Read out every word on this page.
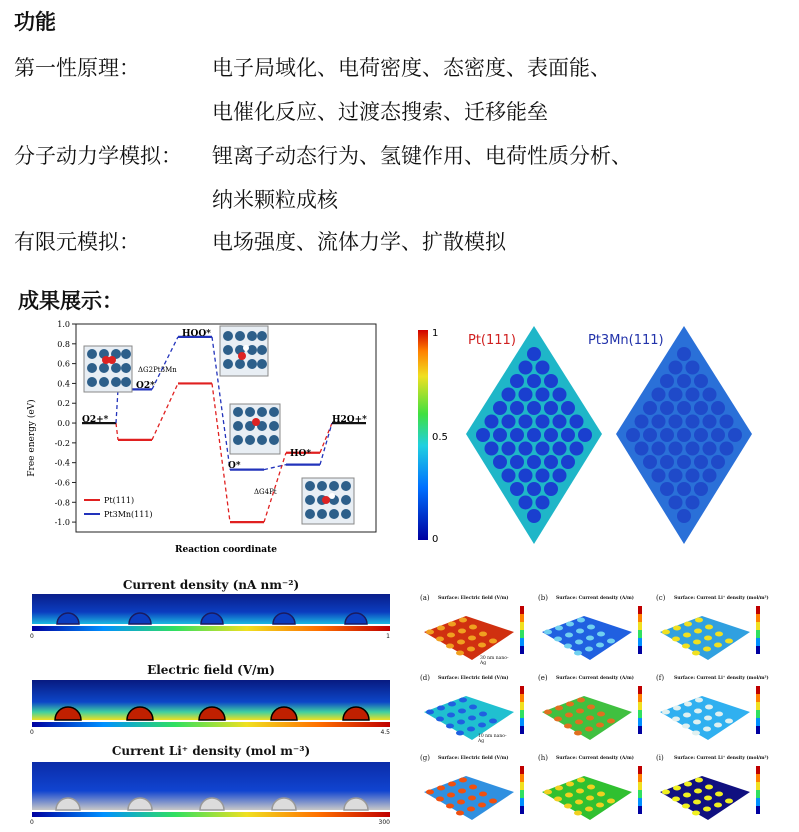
功能
第一性原理：	电子局域化、电荷密度、态密度、表面能、
电催化反应、过渡态搜索、迁移能垒
分子动力学模拟： 锂离子动态行为、氢键作用、电荷性质分析、
纳米颗粒成核
有限元模拟：	电场强度、流体力学、扩散模拟
成果展示：
1.0
0.8
0.6
0.4
0.2
0.0
-0.2
-0.4
-0.6
-0.8
-1.0
Free energy (eV)
Reaction coordinate
O2+*
O2*
HOO*
O*
HO*
H2O+*
ΔG2Pt3Mn
ΔG4Pt
Pt(111)
Pt3Mn(111)
1
0.5
0
Pt(111)	Pt3Mn(111)
Current density (nA nm⁻²)
0	1
Electric field (V/m)
0	4.5
Current Li⁺ density (mol m⁻³)
0	300
(a) Surface: Electric field (V/m)	(b) Surface: Current density (A/m)	(c) Surface: Current Li⁺ density (mol/m³)
(d) Surface: Electric field (V/m)	(e) Surface: Current density (A/m)	(f) Surface: Current Li⁺ density (mol/m³)
(g) Surface: Electric field (V/m)	(h) Surface: Current density (A/m)	(i) Surface: Current Li⁺ density (mol/m³)
30 nm nano-Ag
10 nm nano-Ag
